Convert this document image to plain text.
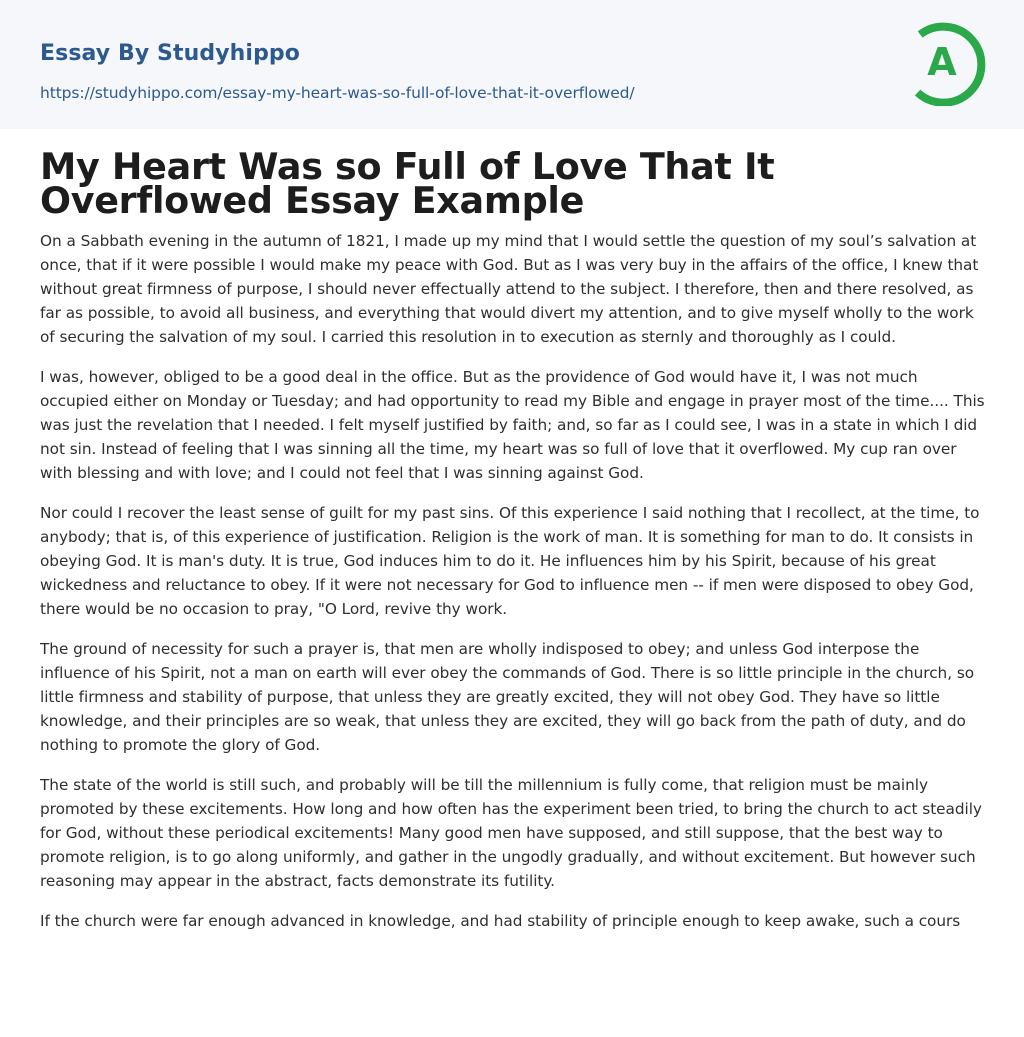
Essay By Studyhippo
https://studyhippo.com/essay-my-heart-was-so-full-of-love-that-it-overflowed/
A
My Heart Was so Full of Love That It Overflowed Essay Example

On a Sabbath evening in the autumn of 1821, I made up my mind that I would settle the question of my soul’s salvation at once, that if it were possible I would make my peace with God. But as I was very buy in the affairs of the office, I knew that without great firmness of purpose, I should never effectually attend to the subject. I therefore, then and there resolved, as far as possible, to avoid all business, and everything that would divert my attention, and to give myself wholly to the work of securing the salvation of my soul. I carried this resolution in to execution as sternly and thoroughly as I could.

I was, however, obliged to be a good deal in the office. But as the providence of God would have it, I was not much occupied either on Monday or Tuesday; and had opportunity to read my Bible and engage in prayer most of the time.... This was just the revelation that I needed. I felt myself justified by faith; and, so far as I could see, I was in a state in which I did not sin. Instead of feeling that I was sinning all the time, my heart was so full of love that it overflowed. My cup ran over with blessing and with love; and I could not feel that I was sinning against God.

Nor could I recover the least sense of guilt for my past sins. Of this experience I said nothing that I recollect, at the time, to anybody; that is, of this experience of justification. Religion is the work of man. It is something for man to do. It consists in obeying God. It is man's duty. It is true, God induces him to do it. He influences him by his Spirit, because of his great wickedness and reluctance to obey. If it were not necessary for God to influence men -- if men were disposed to obey God, there would be no occasion to pray, "O Lord, revive thy work.

The ground of necessity for such a prayer is, that men are wholly indisposed to obey; and unless God interpose the influence of his Spirit, not a man on earth will ever obey the commands of God. There is so little principle in the church, so little firmness and stability of purpose, that unless they are greatly excited, they will not obey God. They have so little knowledge, and their principles are so weak, that unless they are excited, they will go back from the path of duty, and do nothing to promote the glory of God.

The state of the world is still such, and probably will be till the millennium is fully come, that religion must be mainly promoted by these excitements. How long and how often has the experiment been tried, to bring the church to act steadily for God, without these periodical excitements! Many good men have supposed, and still suppose, that the best way to promote religion, is to go along uniformly, and gather in the ungodly gradually, and without excitement. But however such reasoning may appear in the abstract, facts demonstrate its futility.

If the church were far enough advanced in knowledge, and had stability of principle enough to keep awake, such a cours
